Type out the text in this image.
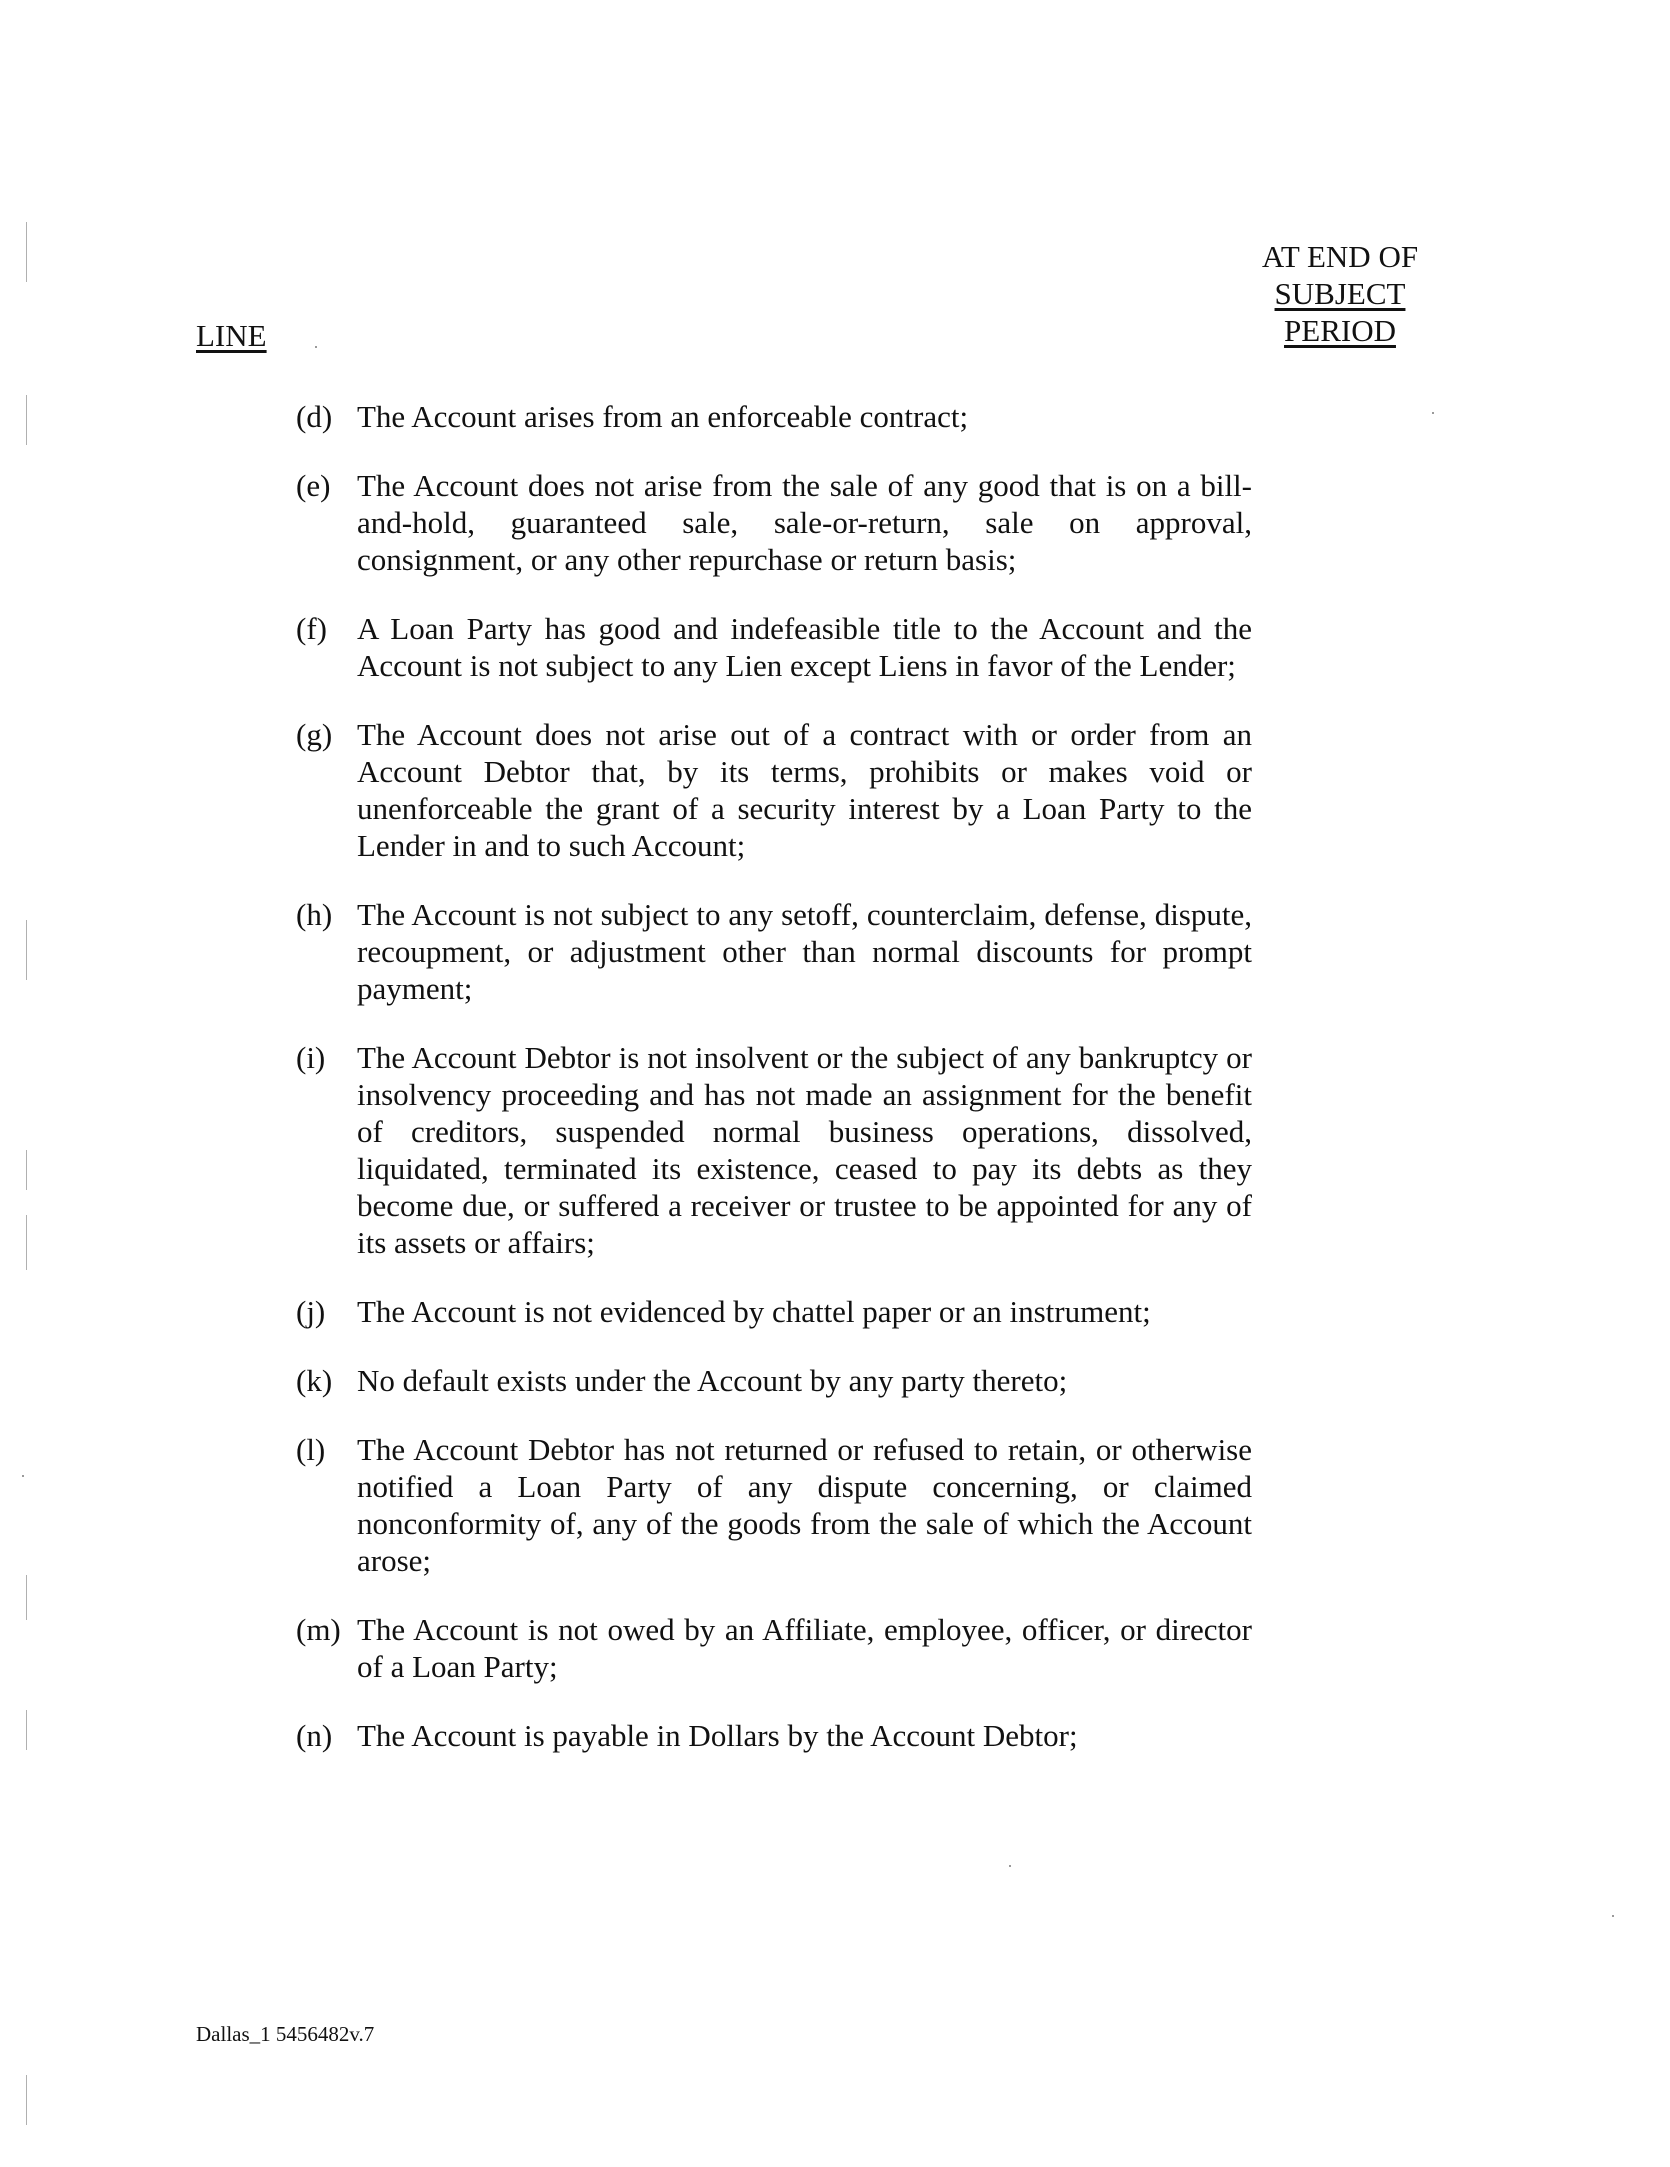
AT END OF
SUBJECT
PERIOD
LINE
(d) The Account arises from an enforceable contract;
(e) The Account does not arise from the sale of any good that is on a bill-and-hold, guaranteed sale, sale-or-return, sale on approval, consignment, or any other repurchase or return basis;
(f) A Loan Party has good and indefeasible title to the Account and the Account is not subject to any Lien except Liens in favor of the Lender;
(g) The Account does not arise out of a contract with or order from an Account Debtor that, by its terms, prohibits or makes void or unenforceable the grant of a security interest by a Loan Party to the Lender in and to such Account;
(h) The Account is not subject to any setoff, counterclaim, defense, dispute, recoupment, or adjustment other than normal discounts for prompt payment;
(i)	The Account Debtor is not insolvent or the subject of any bankruptcy or insolvency proceeding and has not made an assignment for the benefit of creditors, suspended normal business operations, dissolved, liquidated, terminated its existence, ceased to pay its debts as they become due, or suffered a receiver or trustee to be appointed for any of its assets or affairs;
(j)	The Account is not evidenced by chattel paper or an instrument;
(k) No default exists under the Account by any party thereto;
(l)	The Account Debtor has not returned or refused to retain, or otherwise notified a Loan Party of any dispute concerning, or claimed nonconformity of, any of the goods from the sale of which the Account arose;
(m) The Account is not owed by an Affiliate, employee, officer, or director of a Loan Party;
(n) The Account is payable in Dollars by the Account Debtor;
Dallas_1 5456482v.7
